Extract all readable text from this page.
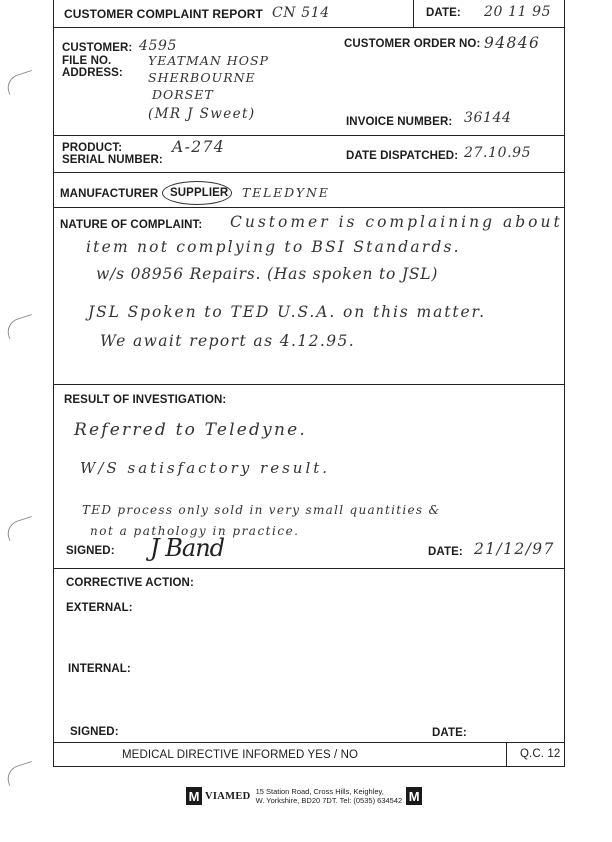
CUSTOMER COMPLAINT REPORT CN 514	DATE: 20 11 95
CUSTOMER: 4595
FILE NO.
ADDRESS:
YEATMAN HOSP
SHERBOURNE
DORSET
(MR J Sweet)
CUSTOMER ORDER NO: 94846
INVOICE NUMBER: 36144
PRODUCT:	A-274
SERIAL NUMBER:	DATE DISPATCHED: 27.10.95
MANUFACTURER SUPPLIER TELEDYNE
NATURE OF COMPLAINT: Customer is complaining about
item not complying to BSI Standards.
w/s 08956 Repairs. (Has spoken to JSL)
JSL Spoken to TED U.S.A. on this matter.
We await report as 4.12.95.
RESULT OF INVESTIGATION:
Referred to Teledyne.
W/S satisfactory result.
TED process only sold in very small quantities &
not a pathology in practice.
SIGNED: J Band	DATE: 21/12/97
CORRECTIVE ACTION:
EXTERNAL:
INTERNAL:
SIGNED:	DATE:
MEDICAL DIRECTIVE INFORMED YES / NO	Q.C. 12
M VIAMED 15 Station Road, Cross Hills, Keighley,
W. Yorkshire, BD20 7DT. Tel: (0535) 634542 M
